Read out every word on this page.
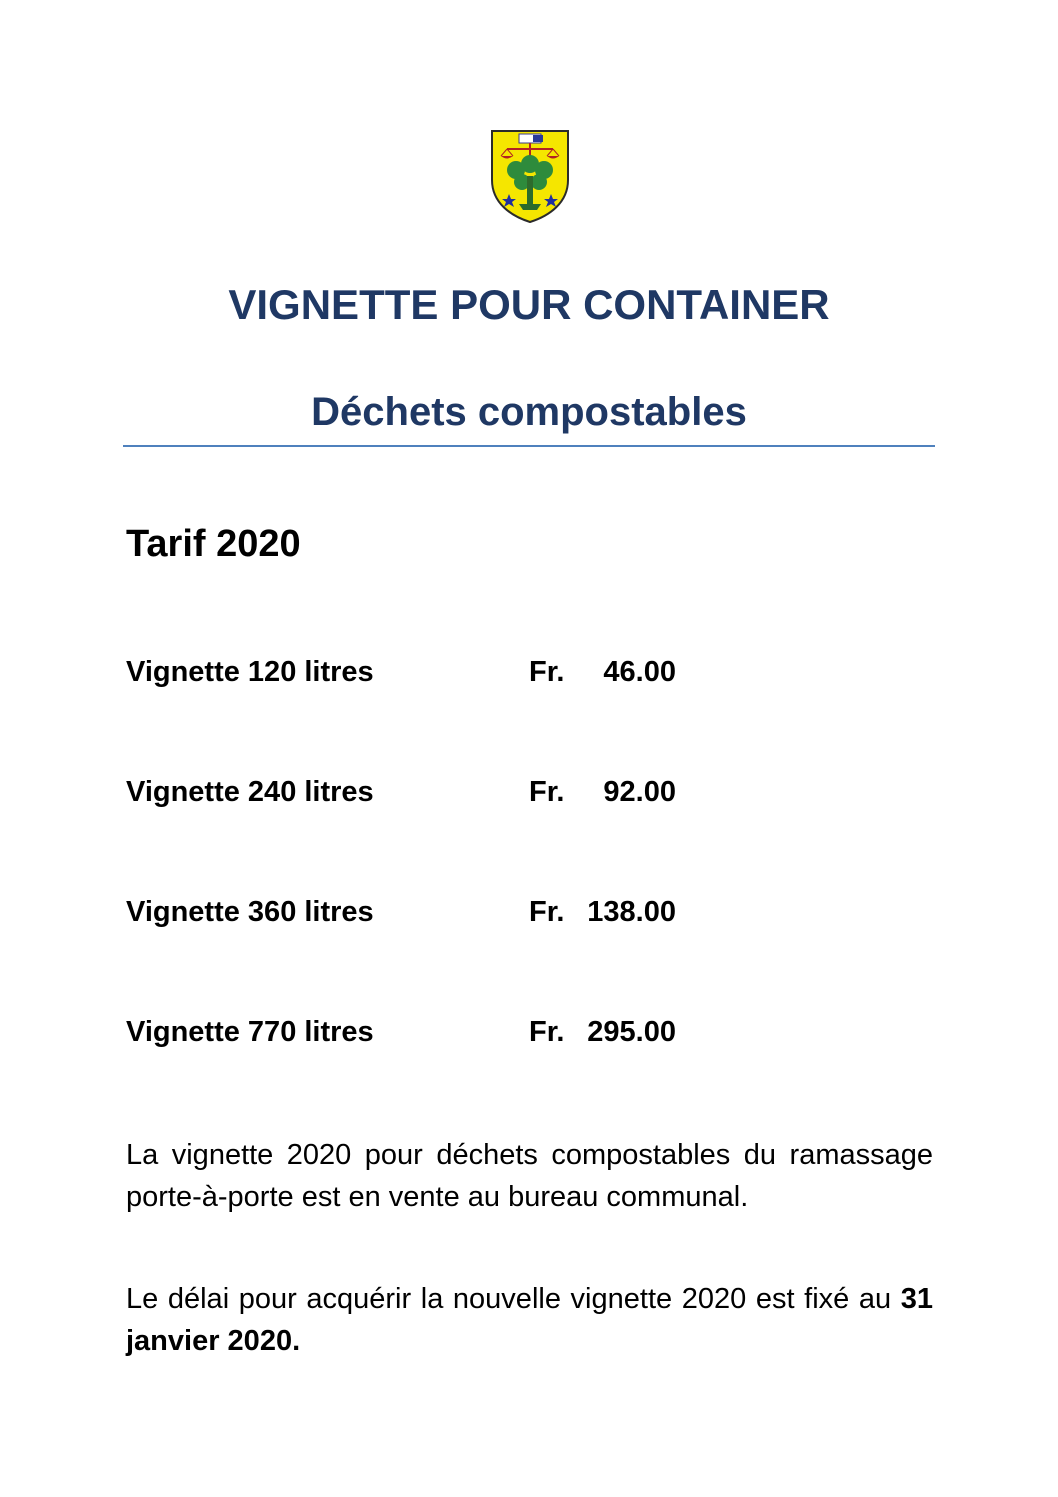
VIGNETTE POUR CONTAINER
Déchets compostables
Tarif 2020
Vignette 120 litres	Fr. 46.00
Vignette 240 litres	Fr. 92.00
Vignette 360 litres	Fr. 138.00
Vignette 770 litres	Fr. 295.00

La vignette 2020 pour déchets compostables du ramassage porte-à-porte est en vente au bureau communal.

Le délai pour acquérir la nouvelle vignette 2020 est fixé au 31 janvier 2020.
